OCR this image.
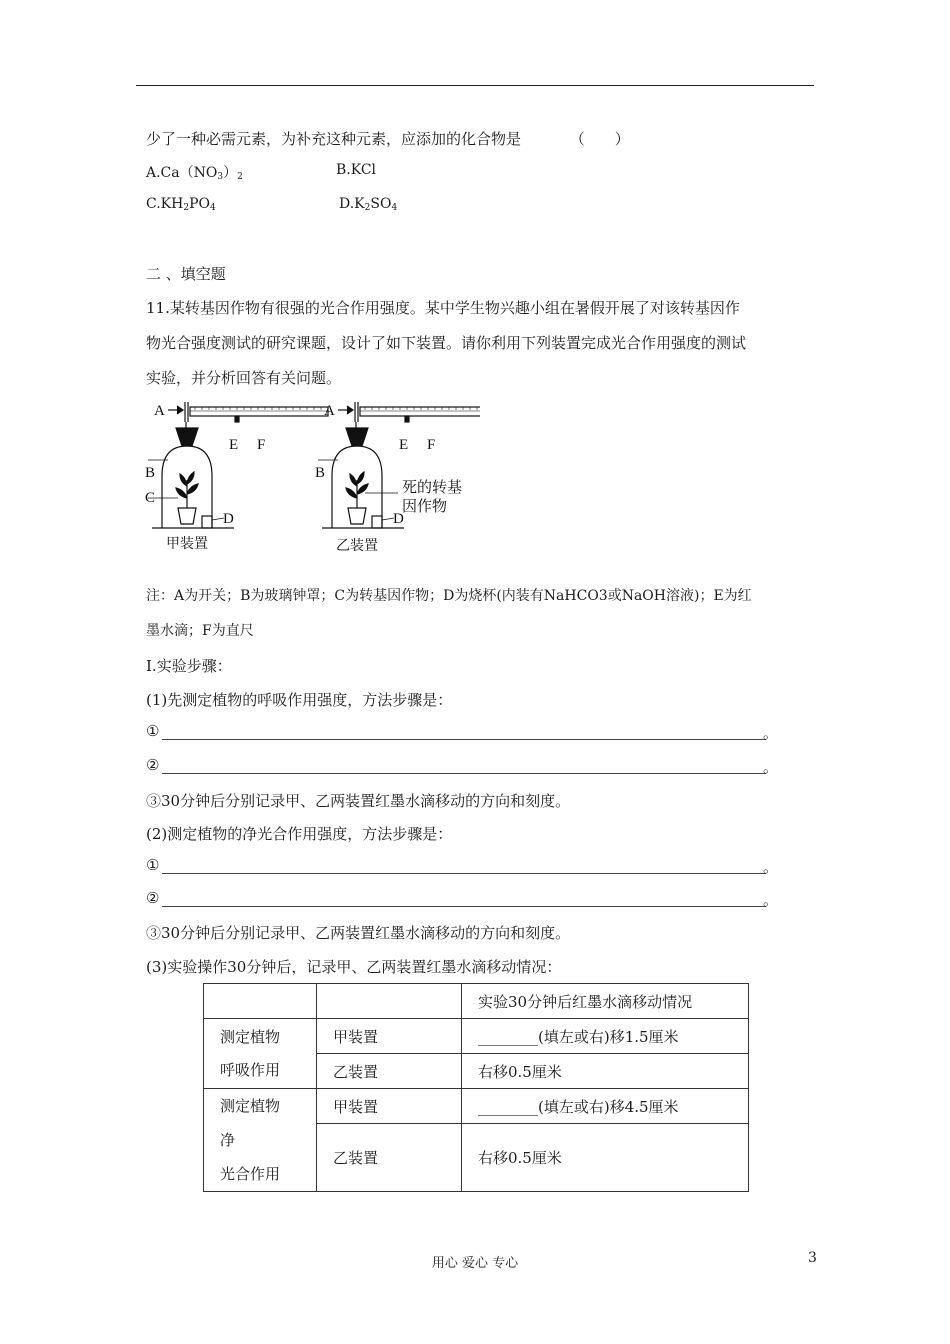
少了一种必需元素，为补充这种元素，应添加的化合物是	（　　）
$A.Ca(NO_3)_2$	B.KCl
$C.KH_2PO_4$	$D.K_2SO_4$
二 、填空题
11.某转基因作物有很强的光合作用强度。某中学生物兴趣小组在暑假开展了对该转基因作
物光合强度测试的研究课题，设计了如下装置。请你利用下列装置完成光合作用强度的测试
实验，并分析回答有关问题。
A
E F
B
C
D
甲装置
A
E F
B
D
死的转基
因作物
乙装置
注：A为开关；B为玻璃钟罩；C为转基因作物；D为烧杯(内装有NaHCO3或NaOH溶液)；E为红
墨水滴；F为直尺
Ⅰ.实验步骤：
(1)先测定植物的呼吸作用强度，方法步骤是：
①	。
②	。
③30分钟后分别记录甲、乙两装置红墨水滴移动的方向和刻度。
(2)测定植物的净光合作用强度，方法步骤是：
①	。
②	。
③30分钟后分别记录甲、乙两装置红墨水滴移动的方向和刻度。
(3)实验操作30分钟后，记录甲、乙两装置红墨水滴移动情况：
		实验30分钟后红墨水滴移动情况

测定植物
呼吸作用	甲装置	________(填左或右)移1.5厘米
	乙装置	右移0.5厘米

测定植物
净
光合作用	甲装置	________(填左或右)移4.5厘米
	乙装置	右移0.5厘米
用心 爱心 专心	3
